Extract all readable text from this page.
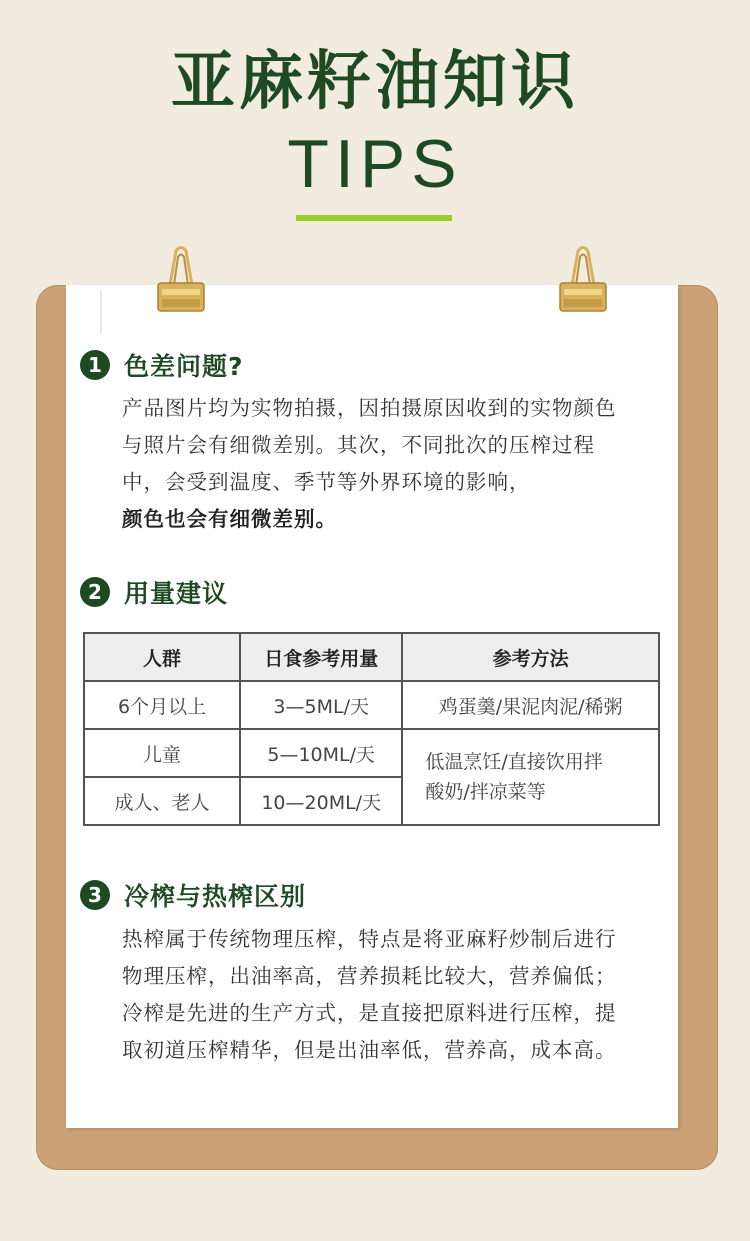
亚麻籽油知识
TIPS
1 色差问题?
产品图片均为实物拍摄，因拍摄原因收到的实物颜色与照片会有细微差别。其次，不同批次的压榨过程中，会受到温度、季节等外界环境的影响，
颜色也会有细微差别。
2 用量建议
人群	日食参考用量	参考方法
6个月以上	3—5ML/天	鸡蛋羹/果泥肉泥/稀粥
儿童	5—10ML/天	低温烹饪/直接饮用拌酸奶/拌凉菜等
成人、老人	10—20ML/天	
3 冷榨与热榨区别
热榨属于传统物理压榨，特点是将亚麻籽炒制后进行物理压榨，出油率高，营养损耗比较大，营养偏低；冷榨是先进的生产方式，是直接把原料进行压榨，提取初道压榨精华，但是出油率低，营养高，成本高。
